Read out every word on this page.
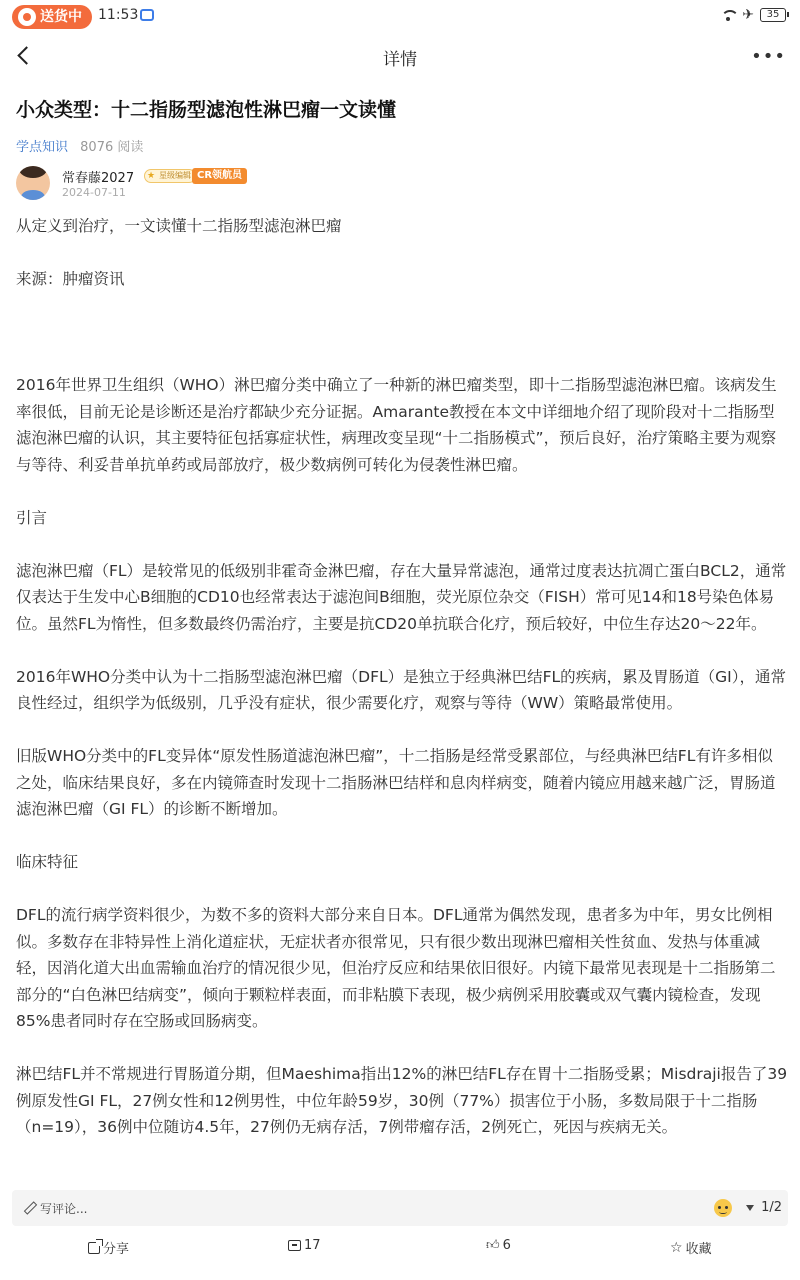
送货中	11:53	✈	35
详情	•••
小众类型：十二指肠型滤泡性淋巴瘤一文读懂
学点知识 8076 阅读
常春藤2027
★	星级编辑 CR领航员
2024-07-11

从定义到治疗，一文读懂十二指肠型滤泡淋巴瘤

来源：肿瘤资讯

2016年世界卫生组织（WHO）淋巴瘤分类中确立了一种新的淋巴瘤类型，即十二指肠型滤泡淋巴瘤。该病发生率很低，目前无论是诊断还是治疗都缺少充分证据。Amarante教授在本文中详细地介绍了现阶段对十二指肠型滤泡淋巴瘤的认识，其主要特征包括寡症状性，病理改变呈现“十二指肠模式”，预后良好，治疗策略主要为观察与等待、利妥昔单抗单药或局部放疗，极少数病例可转化为侵袭性淋巴瘤。

引言

滤泡淋巴瘤（FL）是较常见的低级别非霍奇金淋巴瘤，存在大量异常滤泡，通常过度表达抗凋亡蛋白BCL2，通常仅表达于生发中心B细胞的CD10也经常表达于滤泡间B细胞，荧光原位杂交（FISH）常可见14和18号染色体易位。虽然FL为惰性，但多数最终仍需治疗，主要是抗CD20单抗联合化疗，预后较好，中位生存达20～22年。

2016年WHO分类中认为十二指肠型滤泡淋巴瘤（DFL）是独立于经典淋巴结FL的疾病，累及胃肠道（GI），通常良性经过，组织学为低级别，几乎没有症状，很少需要化疗，观察与等待（WW）策略最常使用。

旧版WHO分类中的FL变异体“原发性肠道滤泡淋巴瘤”，十二指肠是经常受累部位，与经典淋巴结FL有许多相似之处，临床结果良好，多在内镜筛查时发现十二指肠淋巴结样和息肉样病变，随着内镜应用越来越广泛，胃肠道滤泡淋巴瘤（GI FL）的诊断不断增加。

临床特征

DFL的流行病学资料很少，为数不多的资料大部分来自日本。DFL通常为偶然发现，患者多为中年，男女比例相似。多数存在非特异性上消化道症状，无症状者亦很常见，只有很少数出现淋巴瘤相关性贫血、发热与体重减轻，因消化道大出血需输血治疗的情况很少见，但治疗反应和结果依旧很好。内镜下最常见表现是十二指肠第二部分的“白色淋巴结病变”，倾向于颗粒样表面，而非粘膜下表现，极少病例采用胶囊或双气囊内镜检查，发现85%患者同时存在空肠或回肠病变。

淋巴结FL并不常规进行胃肠道分期，但Maeshima指出12%的淋巴结FL存在胃十二指肠受累；Misdraji报告了39例原发性GI FL，27例女性和12例男性，中位年龄59岁，30例（77%）损害位于小肠，多数局限于十二指肠（n=19），36例中位随访4.5年，27例仍无病存活，7例带瘤存活，2例死亡，死因与疾病无关。

写评论...	1/2
分享	17	👍︎ 6	☆ 收藏
